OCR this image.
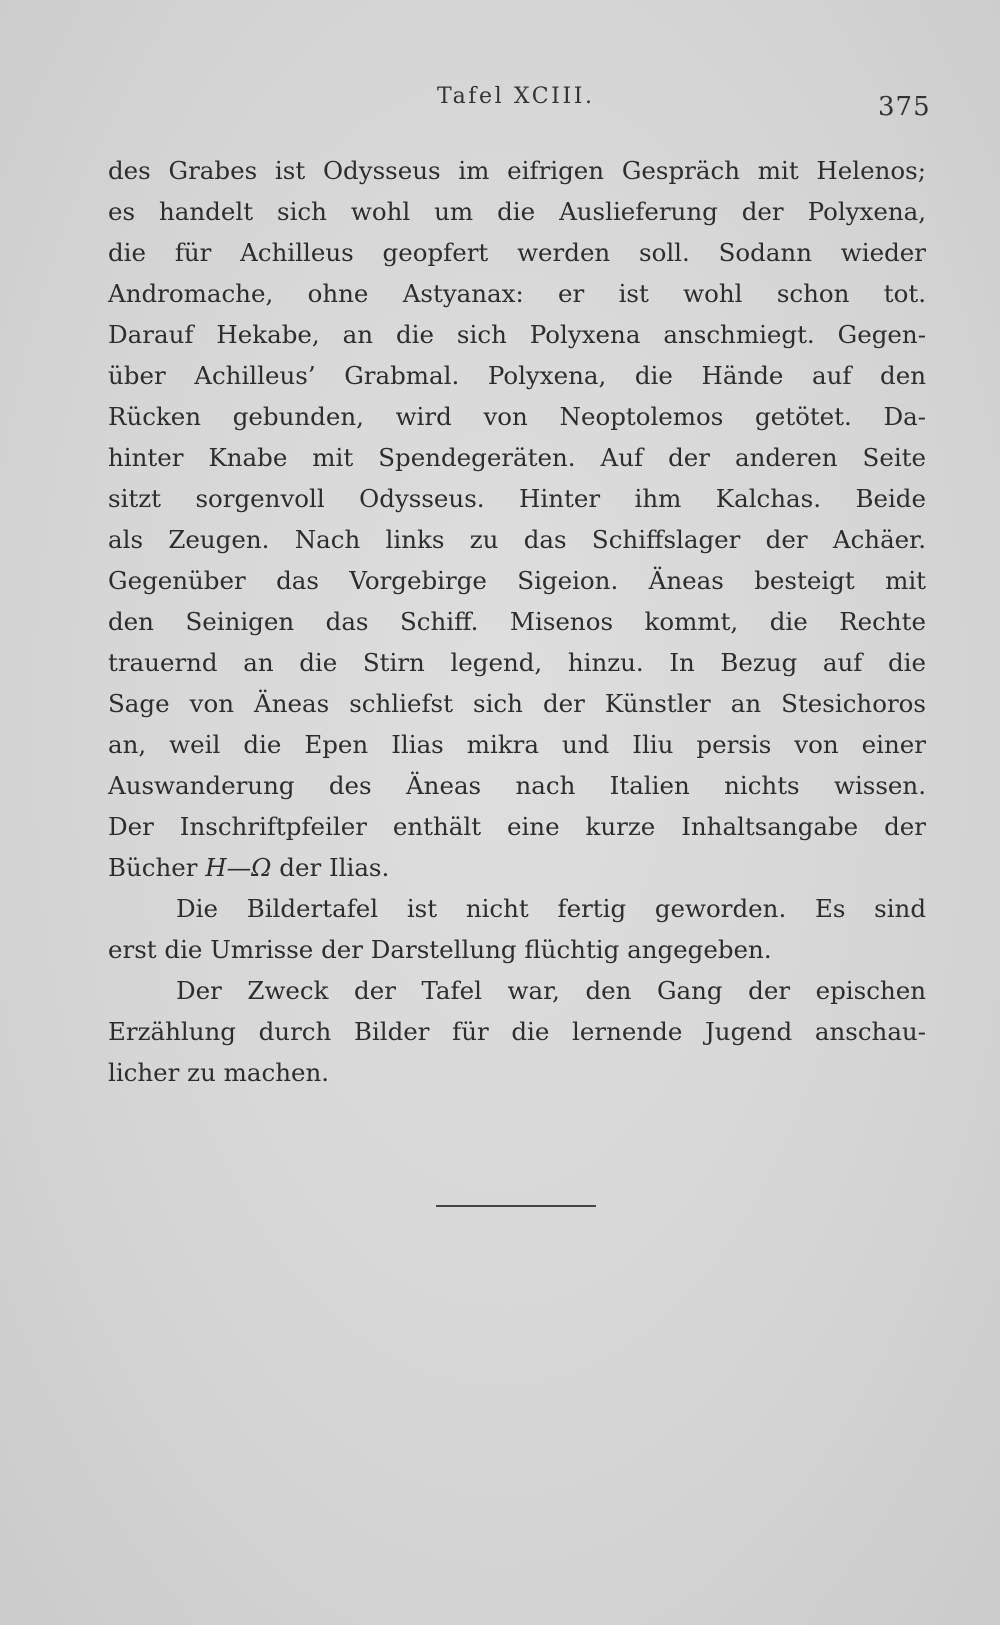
Tafel XCIII.	375
des Grabes ist Odysseus im eifrigen Gespräch mit Helenos;
es handelt sich wohl um die Auslieferung der Polyxena,
die für Achilleus geopfert werden soll. Sodann wieder
Andromache, ohne Astyanax: er ist wohl schon tot.
Darauf Hekabe, an die sich Polyxena anschmiegt. Gegen-
über Achilleus’ Grabmal. Polyxena, die Hände auf den
Rücken gebunden, wird von Neoptolemos getötet. Da-
hinter Knabe mit Spendegeräten. Auf der anderen Seite
sitzt sorgenvoll Odysseus. Hinter ihm Kalchas. Beide
als Zeugen. Nach links zu das Schiffslager der Achäer.
Gegenüber das Vorgebirge Sigeion. Äneas besteigt mit
den Seinigen das Schiff. Misenos kommt, die Rechte
trauernd an die Stirn legend, hinzu. In Bezug auf die
Sage von Äneas schliefst sich der Künstler an Stesichoros
an, weil die Epen Ilias mikra und Iliu persis von einer
Auswanderung des Äneas nach Italien nichts wissen.
Der Inschriftpfeiler enthält eine kurze Inhaltsangabe der
Bücher H—Ω der Ilias.
Die Bildertafel ist nicht fertig geworden. Es sind
erst die Umrisse der Darstellung flüchtig angegeben.
Der Zweck der Tafel war, den Gang der epischen
Erzählung durch Bilder für die lernende Jugend anschau-
licher zu machen.
